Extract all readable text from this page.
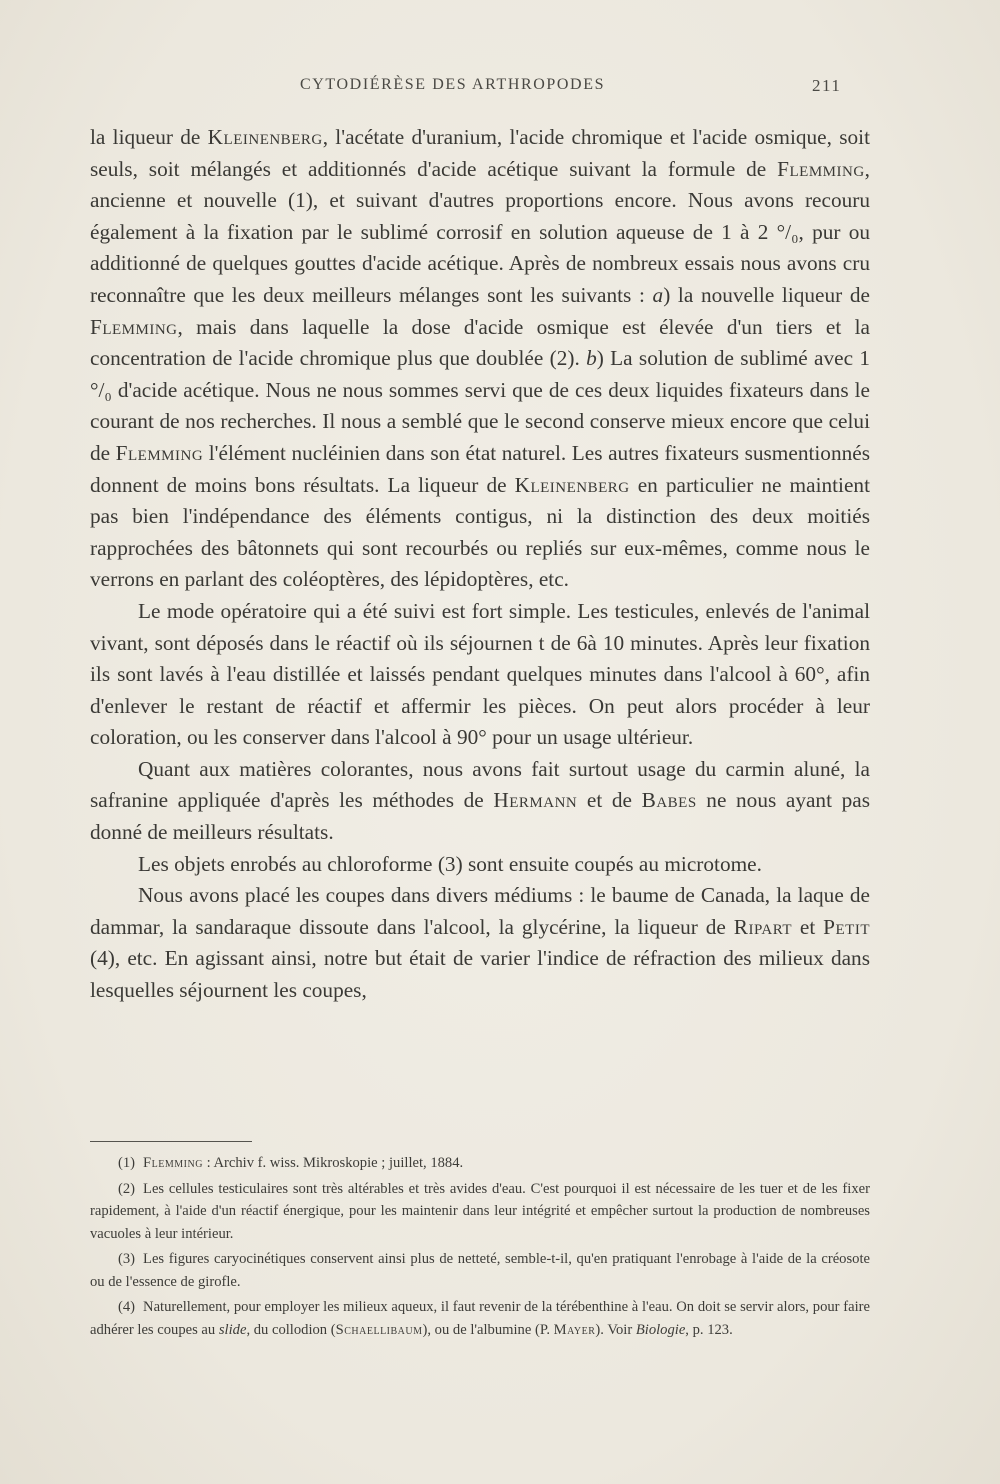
CYTODIÉRÈSE DES ARTHROPODES	211

la liqueur de Kleinenberg, l'acétate d'uranium, l'acide chromique et l'acide osmique, soit seuls, soit mélangés et additionnés d'acide acétique suivant la formule de Flemming, ancienne et nouvelle (1), et suivant d'autres proportions encore. Nous avons recouru également à la fixation par le sublimé corrosif en solution aqueuse de 1 à 2 °/₀, pur ou additionné de quelques gouttes d'acide acétique. Après de nombreux essais nous avons cru reconnaître que les deux meilleurs mélanges sont les suivants : a) la nouvelle liqueur de Flemming, mais dans laquelle la dose d'acide osmique est élevée d'un tiers et la concentration de l'acide chromique plus que doublée (2). b) La solution de sublimé avec 1 °/₀ d'acide acétique. Nous ne nous sommes servi que de ces deux liquides fixateurs dans le courant de nos recherches. Il nous a semblé que le second conserve mieux encore que celui de Flemming l'élément nucléinien dans son état naturel. Les autres fixateurs susmentionnés donnent de moins bons résultats. La liqueur de Kleinenberg en particulier ne maintient pas bien l'indépendance des éléments contigus, ni la distinction des deux moitiés rapprochées des bâtonnets qui sont recourbés ou repliés sur eux-mêmes, comme nous le verrons en parlant des coléoptères, des lépidoptères, etc.

Le mode opératoire qui a été suivi est fort simple. Les testicules, enlevés de l'animal vivant, sont déposés dans le réactif où ils séjournen t de 6à 10 minutes. Après leur fixation ils sont lavés à l'eau distillée et laissés pendant quelques minutes dans l'alcool à 60°, afin d'enlever le restant de réactif et affermir les pièces. On peut alors procéder à leur coloration, ou les conserver dans l'alcool à 90° pour un usage ultérieur.

Quant aux matières colorantes, nous avons fait surtout usage du carmin aluné, la safranine appliquée d'après les méthodes de Hermann et de Babes ne nous ayant pas donné de meilleurs résultats.

Les objets enrobés au chloroforme (3) sont ensuite coupés au microtome.

Nous avons placé les coupes dans divers médiums : le baume de Canada, la laque de dammar, la sandaraque dissoute dans l'alcool, la glycérine, la liqueur de Ripart et Petit (4), etc. En agissant ainsi, notre but était de varier l'indice de réfraction des milieux dans lesquelles séjournent les coupes,

(1) Flemming : Archiv f. wiss. Mikroskopie ; juillet, 1884.

(2) Les cellules testiculaires sont très altérables et très avides d'eau. C'est pourquoi il est nécessaire de les tuer et de les fixer rapidement, à l'aide d'un réactif énergique, pour les maintenir dans leur intégrité et empêcher surtout la production de nombreuses vacuoles à leur intérieur.

(3) Les figures caryocinétiques conservent ainsi plus de netteté, semble-t-il, qu'en pratiquant l'enrobage à l'aide de la créosote ou de l'essence de girofle.

(4) Naturellement, pour employer les milieux aqueux, il faut revenir de la térébenthine à l'eau. On doit se servir alors, pour faire adhérer les coupes au slide, du collodion (Schaellibaum), ou de l'albumine (P. Mayer). Voir Biologie, p. 123.
